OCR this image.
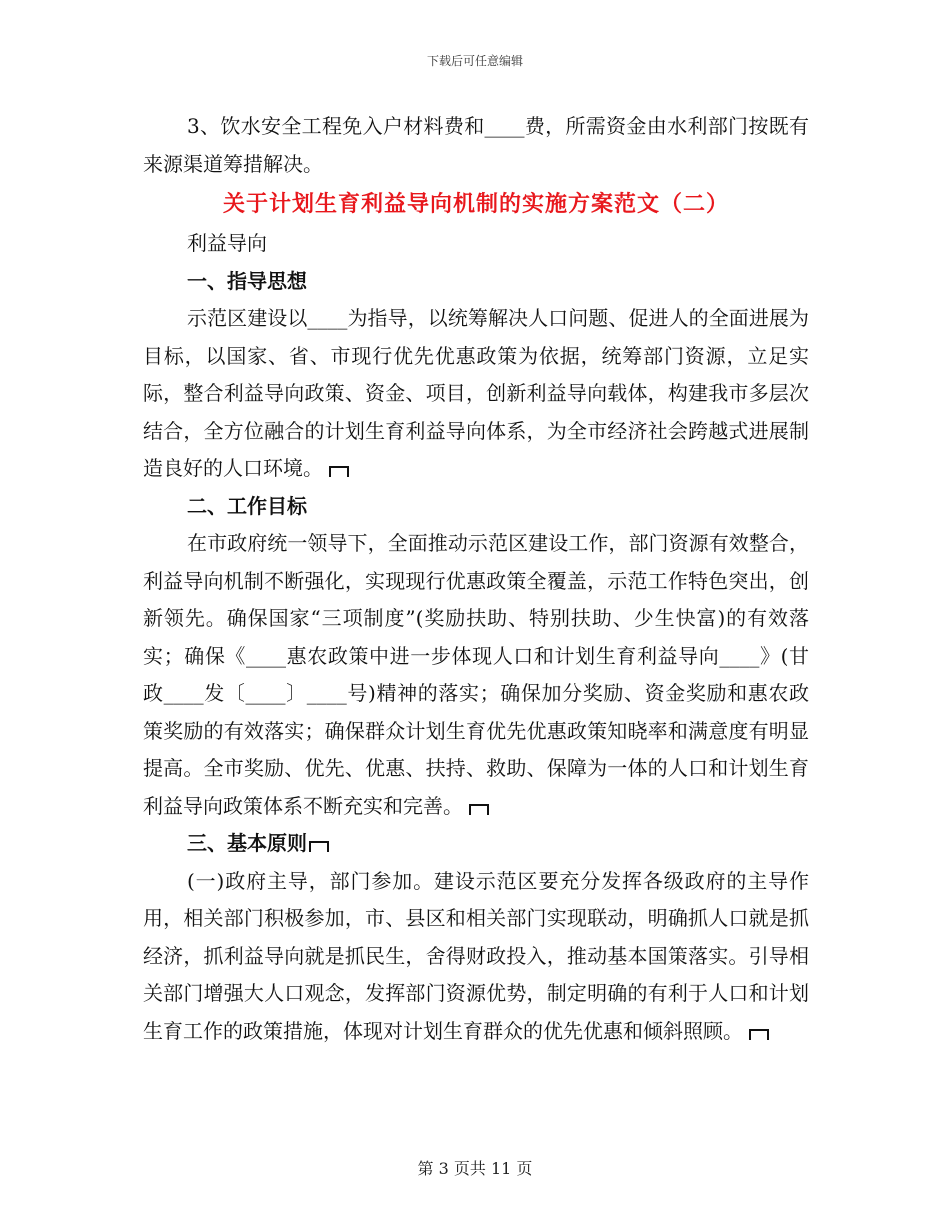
下载后可任意编辑

3、饮水安全工程免入户材料费和____费，所需资金由水利部门按既有来源渠道筹措解决。

关于计划生育利益导向机制的实施方案范文（二）

利益导向

一、指导思想

示范区建设以____为指导，以统筹解决人口问题、促进人的全面进展为目标，以国家、省、市现行优先优惠政策为依据，统筹部门资源，立足实际，整合利益导向政策、资金、项目，创新利益导向载体，构建我市多层次结合，全方位融合的计划生育利益导向体系，为全市经济社会跨越式进展制造良好的人口环境。

二、工作目标

在市政府统一领导下，全面推动示范区建设工作，部门资源有效整合，利益导向机制不断强化，实现现行优惠政策全覆盖，示范工作特色突出，创新领先。确保国家“三项制度”(奖励扶助、特别扶助、少生快富)的有效落实；确保《____惠农政策中进一步体现人口和计划生育利益导向____》(甘政____发〔____〕____号)精神的落实；确保加分奖励、资金奖励和惠农政策奖励的有效落实；确保群众计划生育优先优惠政策知晓率和满意度有明显提高。全市奖励、优先、优惠、扶持、救助、保障为一体的人口和计划生育利益导向政策体系不断充实和完善。

三、基本原则

(一)政府主导，部门参加。建设示范区要充分发挥各级政府的主导作用，相关部门积极参加，市、县区和相关部门实现联动，明确抓人口就是抓经济，抓利益导向就是抓民生，舍得财政投入，推动基本国策落实。引导相关部门增强大人口观念，发挥部门资源优势，制定明确的有利于人口和计划生育工作的政策措施，体现对计划生育群众的优先优惠和倾斜照顾。

第 3 页共 11 页
